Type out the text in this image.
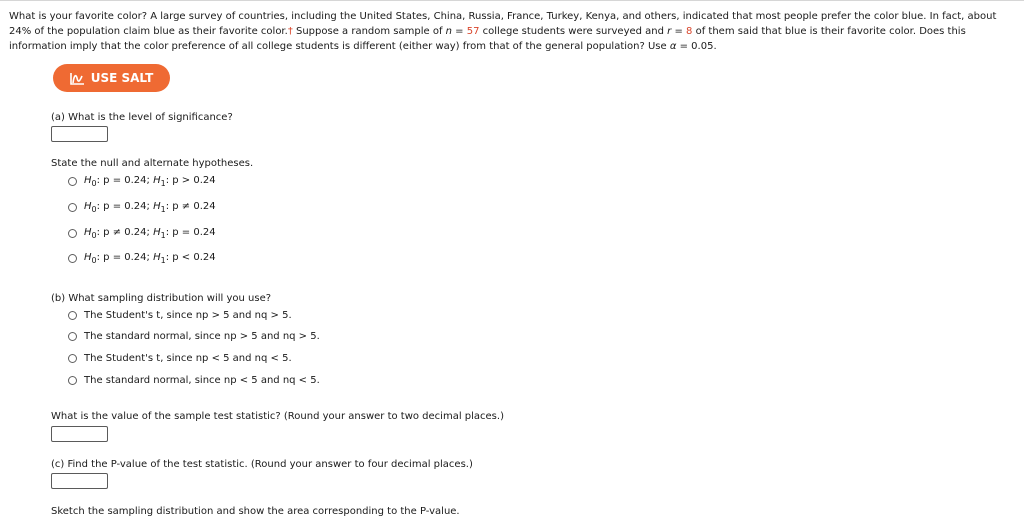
What is your favorite color? A large survey of countries, including the United States, China, Russia, France, Turkey, Kenya, and others, indicated that most people prefer the color blue. In fact, about 24% of the population claim blue as their favorite color.† Suppose a random sample of n = 57 college students were surveyed and r = 8 of them said that blue is their favorite color. Does this information imply that the color preference of all college students is different (either way) from that of the general population? Use α = 0.05.
USE SALT
(a) What is the level of significance?
State the null and alternate hypotheses.
$H_0$: p = 0.24; $H_1$: p > 0.24
$H_0$: p = 0.24; $H_1$: p ≠ 0.24
$H_0$: p ≠ 0.24; $H_1$: p = 0.24
$H_0$: p = 0.24; $H_1$: p < 0.24
(b) What sampling distribution will you use?
The Student's t, since np > 5 and nq > 5.
The standard normal, since np > 5 and nq > 5.
The Student's t, since np < 5 and nq < 5.
The standard normal, since np < 5 and nq < 5.
What is the value of the sample test statistic? (Round your answer to two decimal places.)
(c) Find the P-value of the test statistic. (Round your answer to four decimal places.)
Sketch the sampling distribution and show the area corresponding to the P-value.
